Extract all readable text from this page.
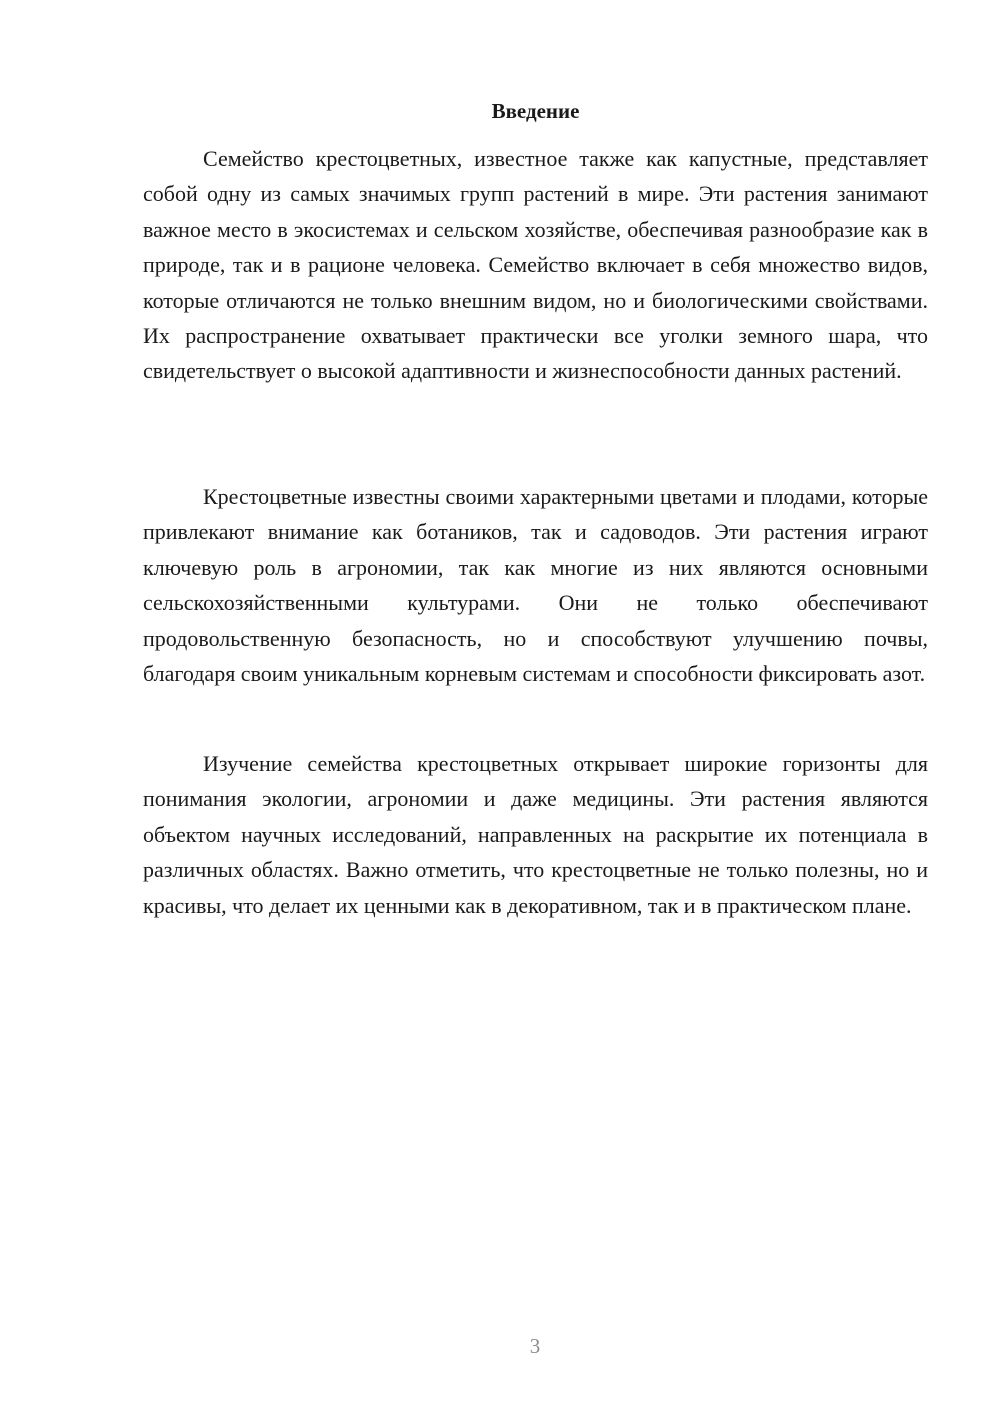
Введение

Семейство крестоцветных, известное также как капустные, представляет собой одну из самых значимых групп растений в мире. Эти растения занимают важное место в экосистемах и сельском хозяйстве, обеспечивая разнообразие как в природе, так и в рационе человека. Семейство включает в себя множество видов, которые отличаются не только внешним видом, но и биологическими свойствами. Их распространение охватывает практически все уголки земного шара, что свидетельствует о высокой адаптивности и жизнеспособности данных растений.

Крестоцветные известны своими характерными цветами и плодами, которые привлекают внимание как ботаников, так и садоводов. Эти растения играют ключевую роль в агрономии, так как многие из них являются основными сельскохозяйственными культурами. Они не только обеспечивают продовольственную безопасность, но и способствуют улучшению почвы, благодаря своим уникальным корневым системам и способности фиксировать азот.

Изучение семейства крестоцветных открывает широкие горизонты для понимания экологии, агрономии и даже медицины. Эти растения являются объектом научных исследований, направленных на раскрытие их потенциала в различных областях. Важно отметить, что крестоцветные не только полезны, но и красивы, что делает их ценными как в декоративном, так и в практическом плане.

3
